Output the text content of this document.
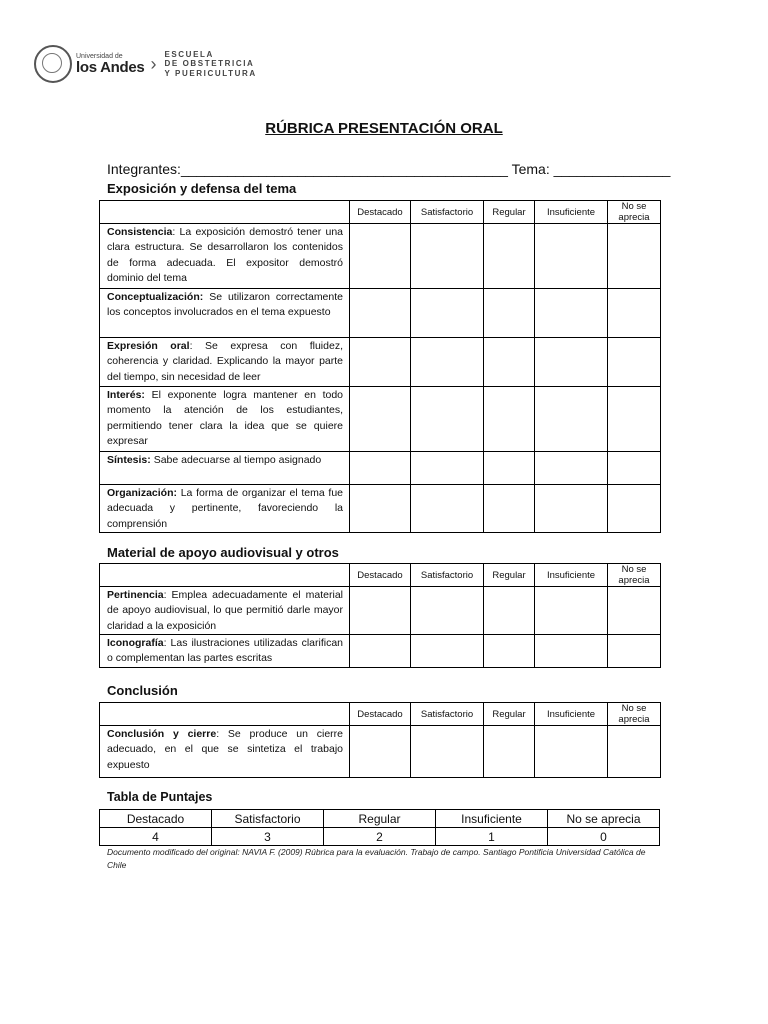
Universidad de
los Andes › ESCUELA
DE OBSTETRICIA
Y PUERICULTURA
RÚBRICA PRESENTACIÓN ORAL
Integrantes:__________________________________________ Tema: _______________
Exposición y defensa del tema
	Destacado	Satisfactorio	Regular	Insuficiente	No se aprecia
Consistencia: La exposición demostró tener una clara estructura. Se desarrollaron los contenidos de forma adecuada. El expositor demostró dominio del tema					
Conceptualización: Se utilizaron correctamente los conceptos involucrados en el tema expuesto					
Expresión oral: Se expresa con fluidez, coherencia y claridad. Explicando la mayor parte del tiempo, sin necesidad de leer					
Interés: El exponente logra mantener en todo momento la atención de los estudiantes, permitiendo tener clara la idea que se quiere expresar					
Síntesis: Sabe adecuarse al tiempo asignado					
Organización: La forma de organizar el tema fue adecuada y pertinente, favoreciendo la comprensión					
Material de apoyo audiovisual y otros
	Destacado	Satisfactorio	Regular	Insuficiente	No se aprecia
Pertinencia: Emplea adecuadamente el material de apoyo audiovisual, lo que permitió darle mayor claridad a la exposición					
Iconografía: Las ilustraciones utilizadas clarifican o complementan las partes escritas					
Conclusión
	Destacado	Satisfactorio	Regular	Insuficiente	No se aprecia
Conclusión y cierre: Se produce un cierre adecuado, en el que se sintetiza el trabajo expuesto					
Tabla de Puntajes
Destacado	Satisfactorio	Regular	Insuficiente	No se aprecia
4	3	2	1	0
Documento modificado del original: NAVIA F. (2009) Rúbrica para la evaluación. Trabajo de campo. Santiago Pontificia Universidad Católica de Chile
